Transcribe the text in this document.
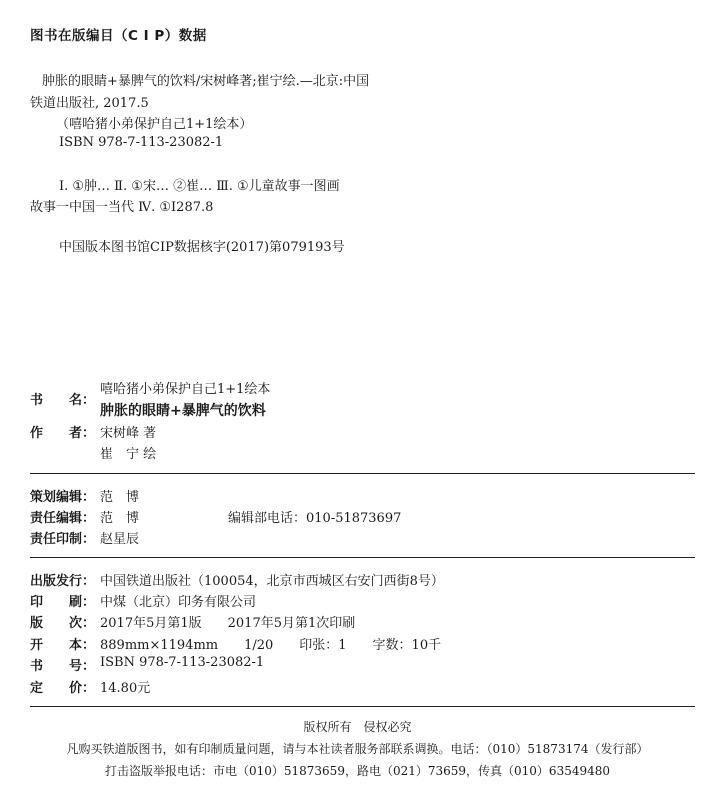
图书在版编目（C I P）数据
肿胀的眼睛+暴脾气的饮料/宋树峰著;崔宁绘.—北京:中国
铁道出版社, 2017.5
（嘻哈猪小弟保护自己1+1绘本）
ISBN 978-7-113-23082-1
Ⅰ. ①肿… Ⅱ. ①宋… ②崔… Ⅲ. ①儿童故事一图画
故事一中国一当代 Ⅳ. ①I287.8
中国版本图书馆CIP数据核字(2017)第079193号
书　　名：
嘻哈猪小弟保护自己1+1绘本
肿胀的眼睛+暴脾气的饮料
作　　者： 宋树峰 著
崔　宁 绘
策划编辑： 范　博
责任编辑： 范　博	编辑部电话：010-51873697
责任印制： 赵星辰
出版发行： 中国铁道出版社（100054，北京市西城区右安门西街8号）
印　　刷： 中煤（北京）印务有限公司
版　　次： 2017年5月第1版　　2017年5月第1次印刷
开　　本： 889mm×1194mm　　1/20　　印张：1　　字数：10千
书　　号： ISBN 978-7-113-23082-1
定　　价： 14.80元
版权所有　侵权必究
凡购买铁道版图书，如有印制质量问题，请与本社读者服务部联系调换。电话：（010）51873174（发行部）
打击盗版举报电话：市电（010）51873659，路电（021）73659，传真（010）63549480
